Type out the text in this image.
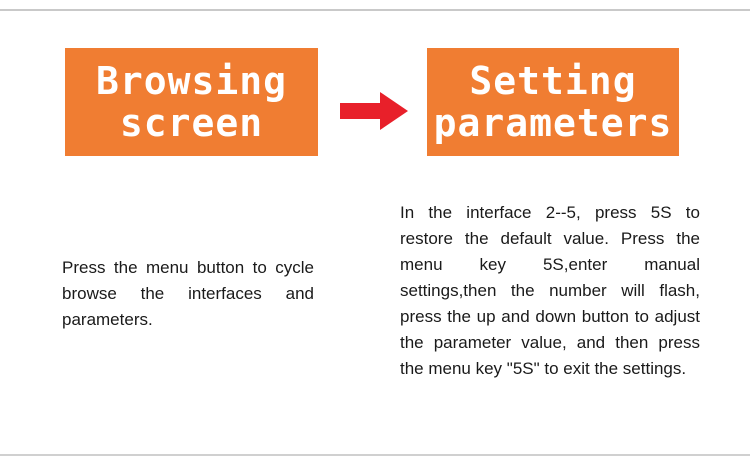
Browsing
screen
Setting
parameters

Press the menu button to cycle browse the interfaces and parameters.

In the interface 2--5, press 5S to restore the default value. Press the menu key 5S,enter manual settings,then the number will flash, press the up and down button to adjust the parameter value, and then press the menu key "5S" to exit the settings.
